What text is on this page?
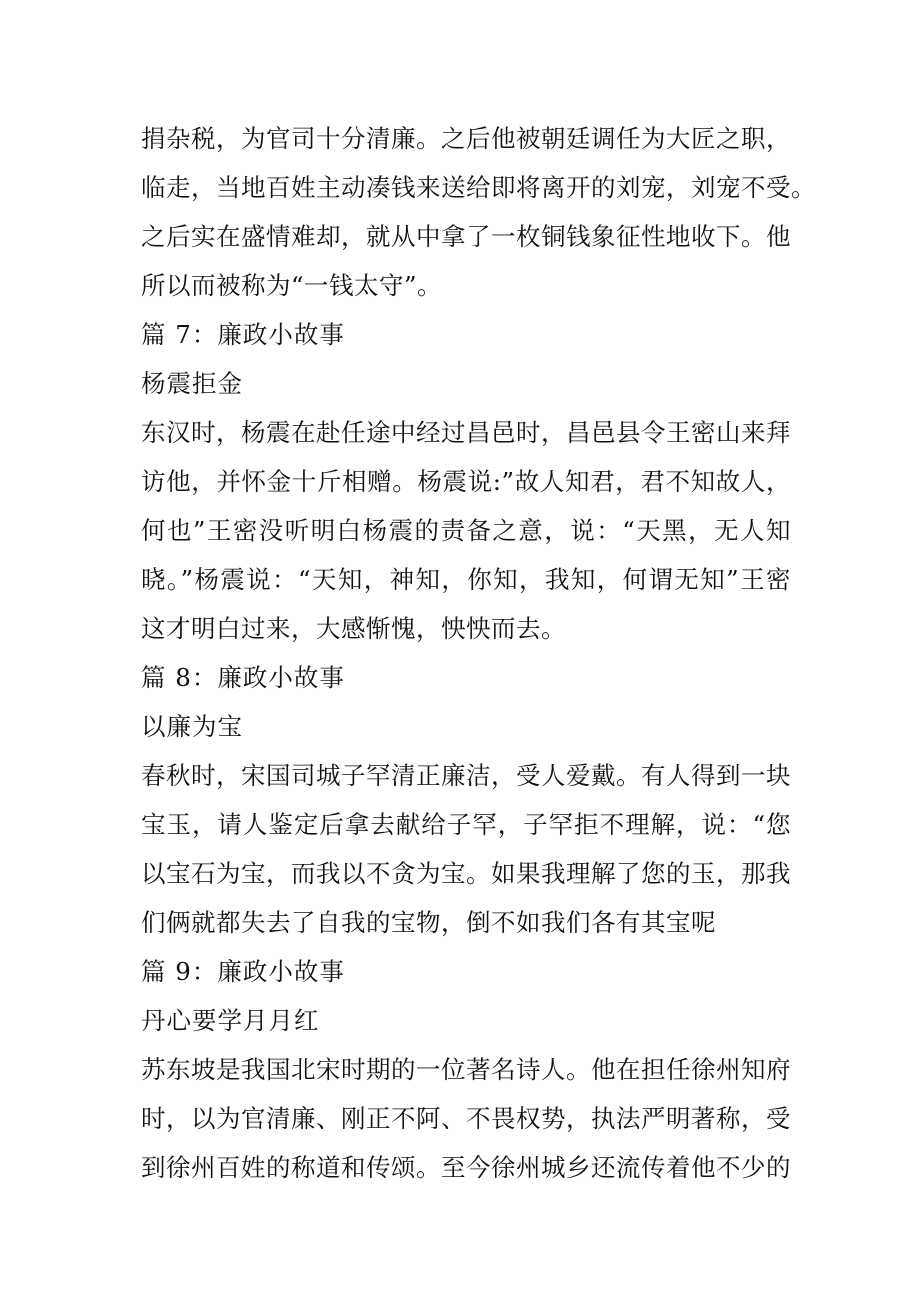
捐杂税，为官司十分清廉。之后他被朝廷调任为大匠之职，
临走，当地百姓主动凑钱来送给即将离开的刘宠，刘宠不受。
之后实在盛情难却，就从中拿了一枚铜钱象征性地收下。他
所以而被称为“一钱太守”。
篇 7：廉政小故事
杨震拒金
东汉时，杨震在赴任途中经过昌邑时，昌邑县令王密山来拜
访他，并怀金十斤相赠。杨震说:”故人知君，君不知故人，
何也”王密没听明白杨震的责备之意，说：“天黑，无人知
晓。”杨震说：“天知，神知，你知，我知，何谓无知”王密
这才明白过来，大感惭愧，怏怏而去。
篇 8：廉政小故事
以廉为宝
春秋时，宋国司城子罕清正廉洁，受人爱戴。有人得到一块
宝玉，请人鉴定后拿去献给子罕，子罕拒不理解，说：“您
以宝石为宝，而我以不贪为宝。如果我理解了您的玉，那我
们俩就都失去了自我的宝物，倒不如我们各有其宝呢
篇 9：廉政小故事
丹心要学月月红
苏东坡是我国北宋时期的一位著名诗人。他在担任徐州知府
时，以为官清廉、刚正不阿、不畏权势，执法严明著称，受
到徐州百姓的称道和传颂。至今徐州城乡还流传着他不少的
